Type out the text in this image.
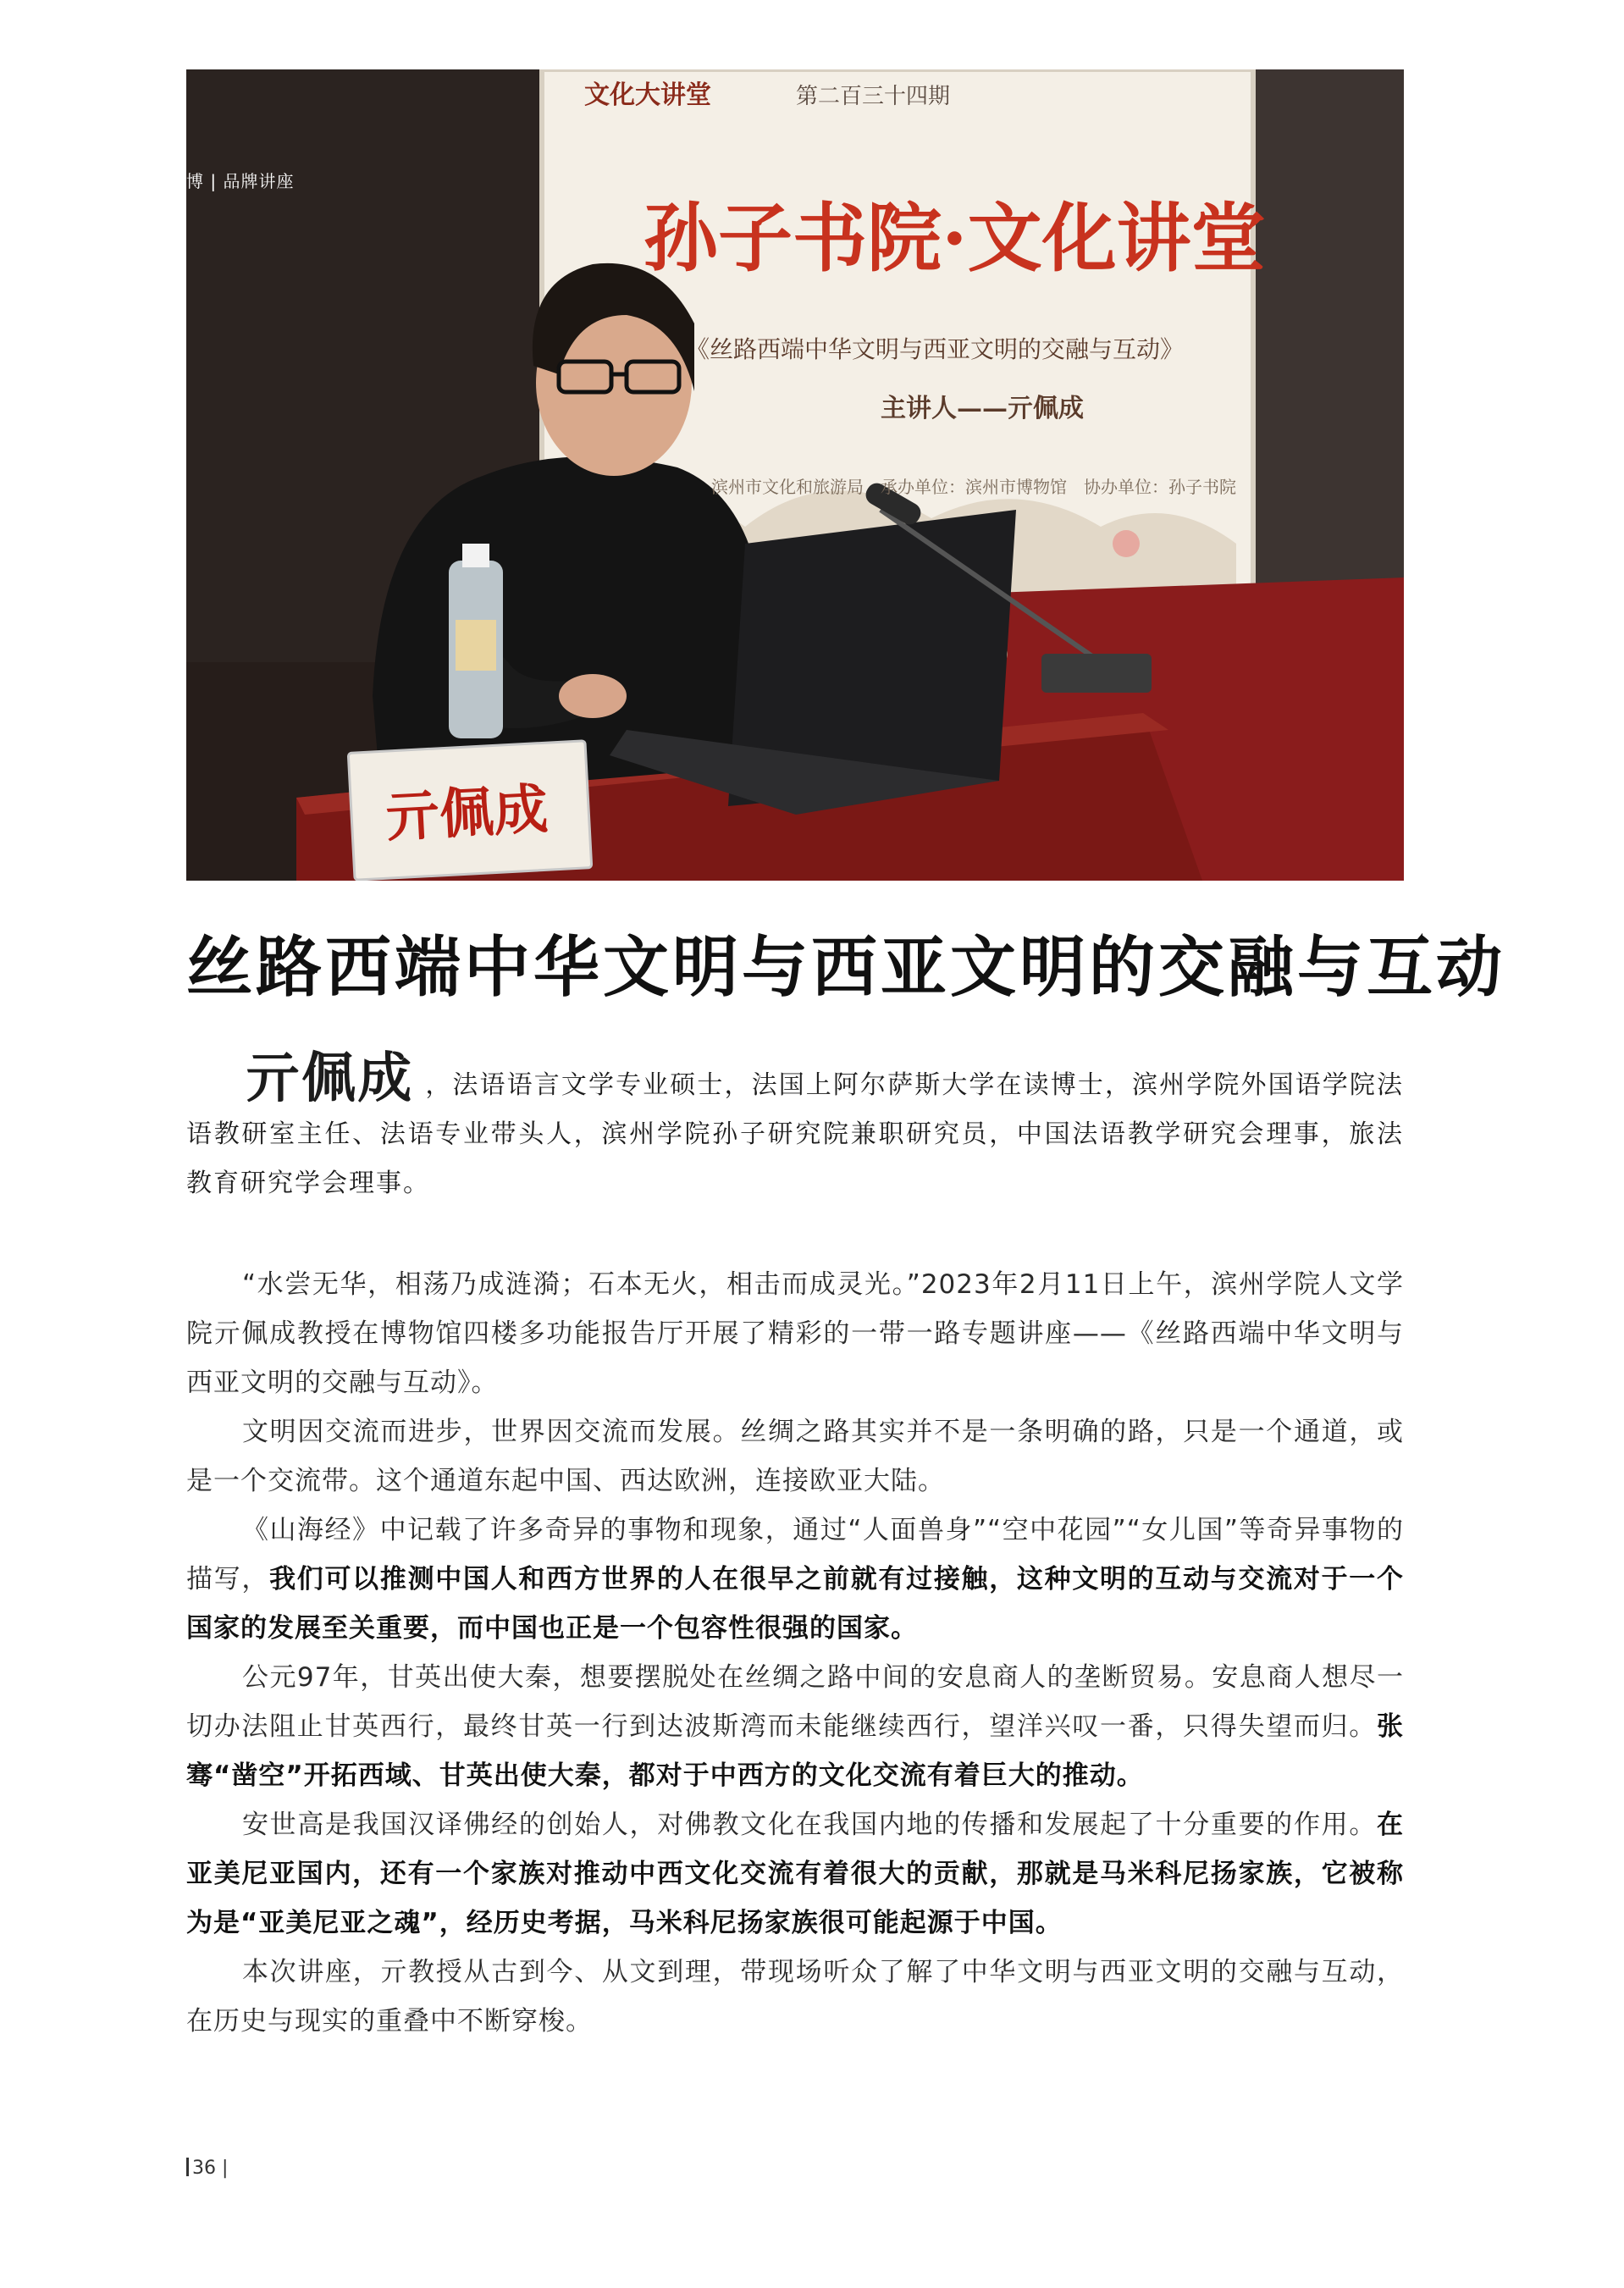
亓佩成
文化大讲堂	第二百三十四期
孙子书院·文化讲堂
《丝路西端中华文明与西亚文明的交融与互动》
主讲人——亓佩成
滨州市文化和旅游局　承办单位：滨州市博物馆　协办单位：孙子书院
博 | 品牌讲座
丝路西端中华文明与西亚文明的交融与互动
亓佩成 ，法语语言文学专业硕士，法国上阿尔萨斯大学在读博士，滨州学院外国语学院法语教研室主任、法语专业带头人，滨州学院孙子研究院兼职研究员，中国法语教学研究会理事，旅法教育研究学会理事。

“水尝无华，相荡乃成涟漪；石本无火，相击而成灵光。”2023年2月11日上午，滨州学院人文学院亓佩成教授在博物馆四楼多功能报告厅开展了精彩的一带一路专题讲座——《丝路西端中华文明与西亚文明的交融与互动》。

文明因交流而进步，世界因交流而发展。丝绸之路其实并不是一条明确的路，只是一个通道，或是一个交流带。这个通道东起中国、西达欧洲，连接欧亚大陆。

《山海经》中记载了许多奇异的事物和现象，通过“人面兽身”“空中花园”“女儿国”等奇异事物的描写，我们可以推测中国人和西方世界的人在很早之前就有过接触，这种文明的互动与交流对于一个国家的发展至关重要，而中国也正是一个包容性很强的国家。

公元97年，甘英出使大秦，想要摆脱处在丝绸之路中间的安息商人的垄断贸易。安息商人想尽一切办法阻止甘英西行，最终甘英一行到达波斯湾而未能继续西行，望洋兴叹一番，只得失望而归。张骞“凿空”开拓西域、甘英出使大秦，都对于中西方的文化交流有着巨大的推动。

安世高是我国汉译佛经的创始人，对佛教文化在我国内地的传播和发展起了十分重要的作用。在亚美尼亚国内，还有一个家族对推动中西文化交流有着很大的贡献，那就是马米科尼扬家族，它被称为是“亚美尼亚之魂”，经历史考据，马米科尼扬家族很可能起源于中国。

本次讲座，亓教授从古到今、从文到理，带现场听众了解了中华文明与西亚文明的交融与互动，在历史与现实的重叠中不断穿梭。

36 |
